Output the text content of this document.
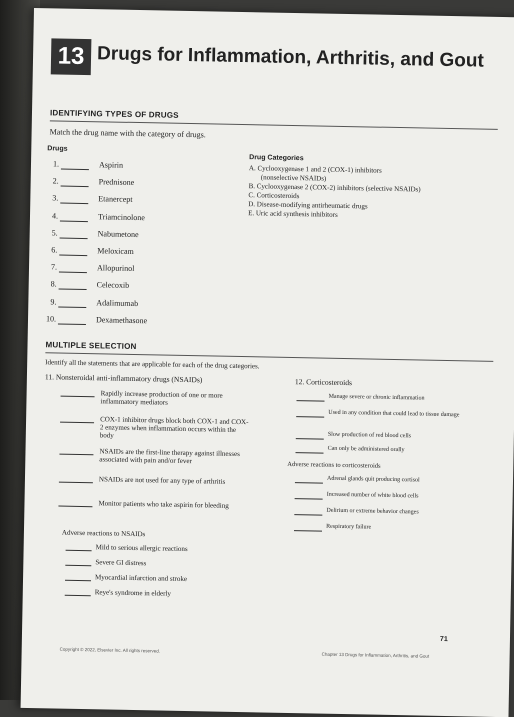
13 Drugs for Inflammation, Arthritis, and Gout
IDENTIFYING TYPES OF DRUGS
Match the drug name with the category of drugs.
Drugs
Drug Categories
1.	Aspirin
2.	Prednisone
3.	Etanercept
4.	Triamcinolone
5.	Nabumetone
6.	Meloxicam
7.	Allopurinol
8.	Celecoxib
9.	Adalimumab
10.	Dexamethasone
A. Cyclooxygenase 1 and 2 (COX-1) inhibitors
(nonselective NSAIDs)
B. Cyclooxygenase 2 (COX-2) inhibitors (selective NSAIDs)
C. Corticosteroids
D. Disease-modifying antirheumatic drugs
E. Uric acid synthesis inhibitors
MULTIPLE SELECTION
Identify all the statements that are applicable for each of the drug categories.
11. Nonsteroidal anti-inflammatory drugs (NSAIDs)	12. Corticosteroids
Rapidly increase production of one or more inflammatory mediators
COX-1 inhibitor drugs block both COX-1 and COX-2 enzymes when inflammation occurs within the body
NSAIDs are the first-line therapy against illnesses associated with pain and/or fever
NSAIDs are not used for any type of arthritis
Monitor patients who take aspirin for bleeding
Adverse reactions to NSAIDs
Mild to serious allergic reactions
Severe GI distress
Myocardial infarction and stroke
Reye's syndrome in elderly
Manage severe or chronic inflammation
Used in any condition that could lead to tissue damage
Slow production of red blood cells
Can only be administered orally
Adverse reactions to corticosteroids
Adrenal glands quit producing cortisol
Increased number of white blood cells
Delirium or extreme behavior changes
Respiratory failure
71
Copyright © 2022, Elsevier Inc. All rights reserved.
Chapter 13 Drugs for Inflammation, Arthritis, and Gout
